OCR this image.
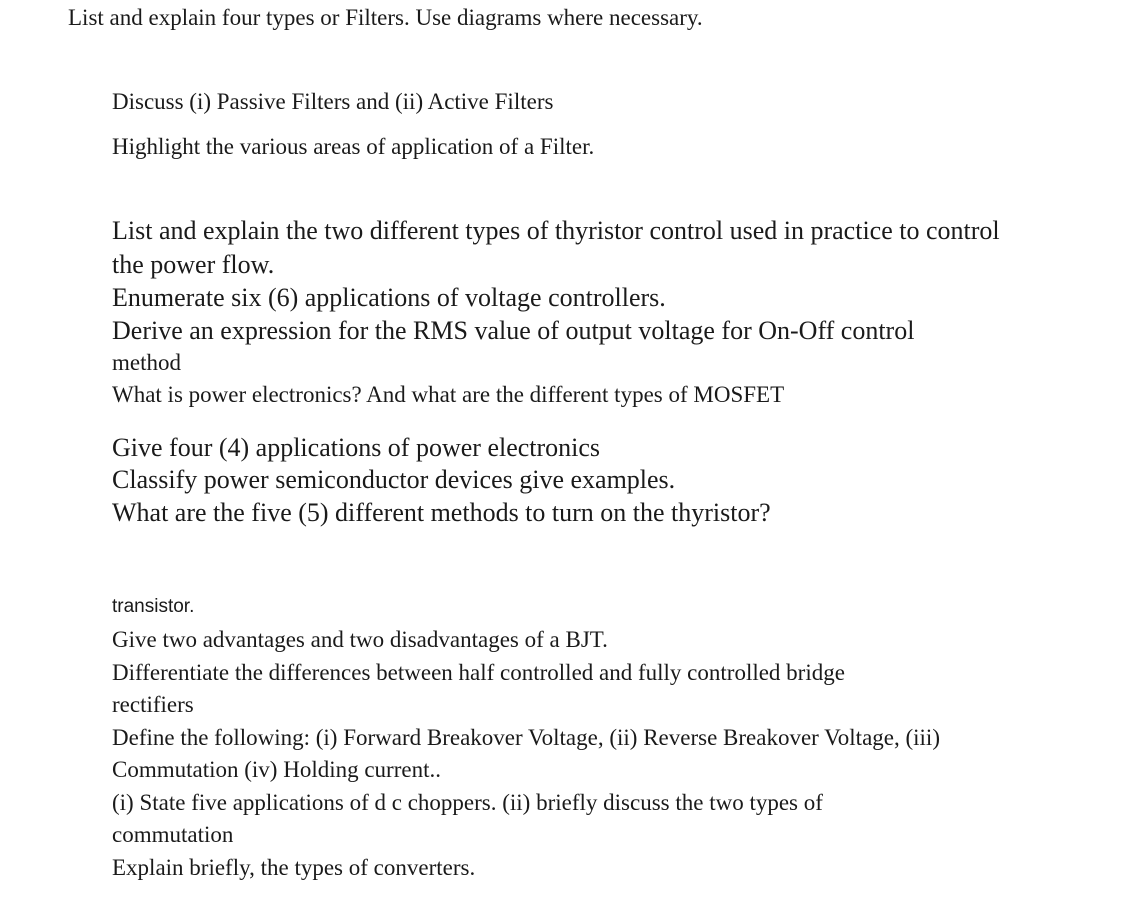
List and explain four types or Filters. Use diagrams where necessary.
Discuss (i) Passive Filters and (ii) Active Filters
Highlight the various areas of application of a Filter.
List and explain the two different types of thyristor control used in practice to control
the power flow.
Enumerate six (6) applications of voltage controllers.
Derive an expression for the RMS value of output voltage for On-Off control
method
What is power electronics? And what are the different types of MOSFET
Give four (4) applications of power electronics
Classify power semiconductor devices give examples.
What are the five (5) different methods to turn on the thyristor?
transistor.
Give two advantages and two disadvantages of a BJT.
Differentiate the differences between half controlled and fully controlled bridge
rectifiers
Define the following: (i) Forward Breakover Voltage, (ii) Reverse Breakover Voltage, (iii)
Commutation (iv) Holding current..
(i) State five applications of d c choppers. (ii) briefly discuss the two types of
commutation
Explain briefly, the types of converters.
